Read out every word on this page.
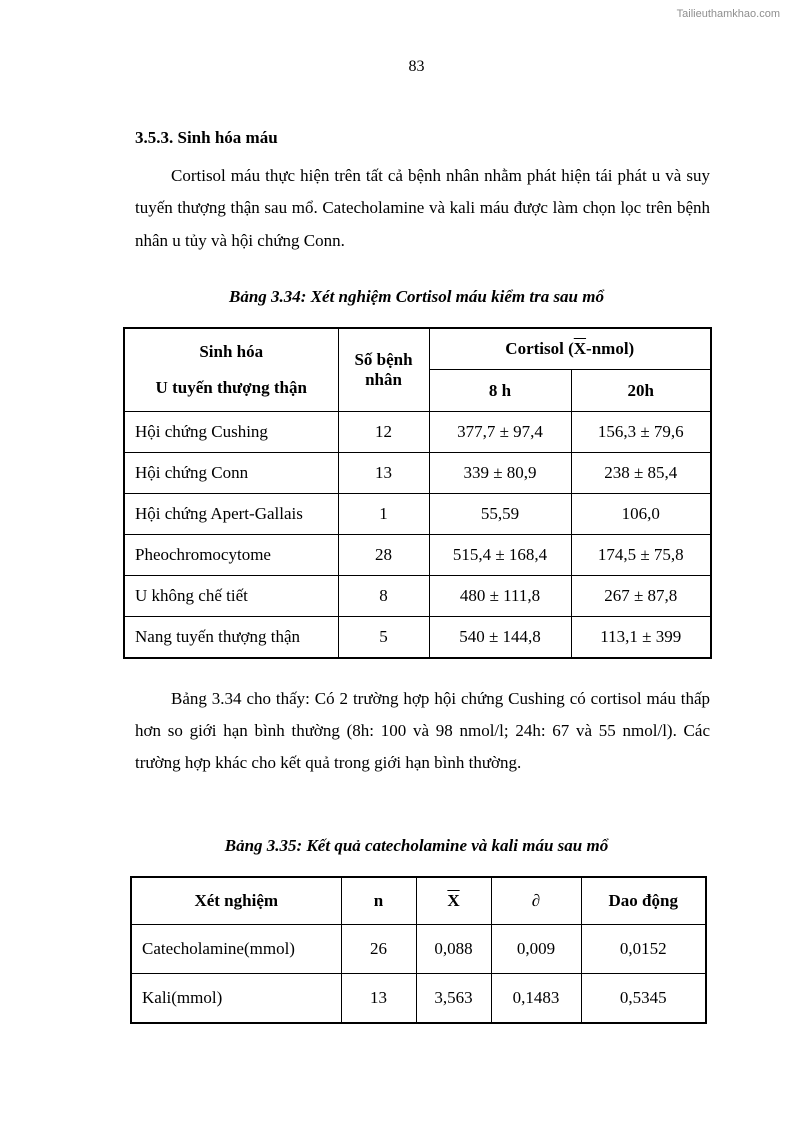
Tailieuthamkhao.com
83
3.5.3. Sinh hóa máu

Cortisol máu thực hiện trên tất cả bệnh nhân nhằm phát hiện tái phát u và suy tuyến thượng thận sau mổ. Catecholamine và kali máu được làm chọn lọc trên bệnh nhân u tủy và hội chứng Conn.

Bảng 3.34: Xét nghiệm Cortisol máu kiểm tra sau mổ
Sinh hóa
U tuyến thượng thận	Số bệnh nhân	Cortisol $(\overline{X}-nmol)$	
		8 h	20h
Hội chứng Cushing	12	377,7 ± 97,4	156,3 ± 79,6
Hội chứng Conn	13	339 ± 80,9	238 ± 85,4
Hội chứng Apert-Gallais	1	55,59	106,0
Pheochromocytome	28	515,4 ± 168,4	174,5 ± 75,8
U không chế tiết	8	480 ± 111,8	267 ± 87,8
Nang tuyến thượng thận	5	540 ± 144,8	113,1 ± 399

Bảng 3.34 cho thấy: Có 2 trường hợp hội chứng Cushing có cortisol máu thấp hơn so giới hạn bình thường (8h: 100 và 98 nmol/l; 24h: 67 và 55 nmol/l). Các trường hợp khác cho kết quả trong giới hạn bình thường.

Bảng 3.35: Kết quả catecholamine và kali máu sau mổ
Xét nghiệm	n	$\overline{X}$	∂	Dao động
Catecholamine(mmol)	26	0,088	0,009	0,0152
Kali(mmol)	13	3,563	0,1483	0,5345
